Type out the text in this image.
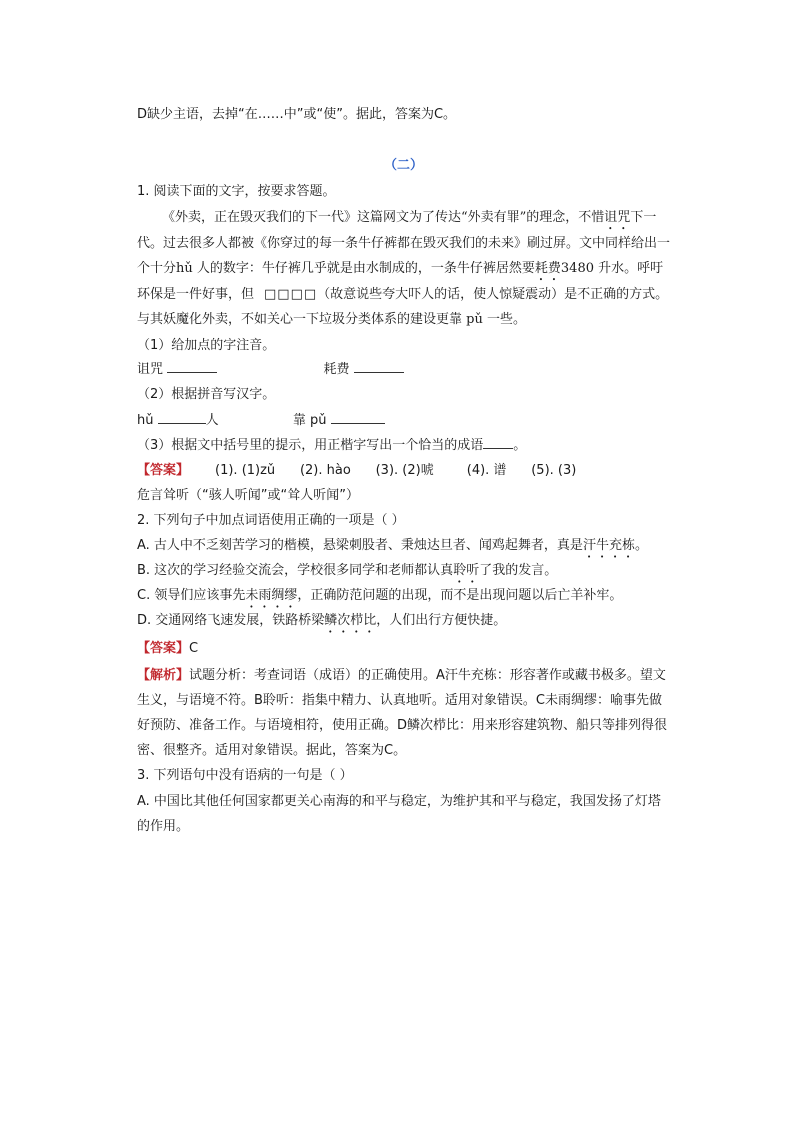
D缺少主语，去掉“在……中”或“使”。据此，答案为C。
（二）
1. 阅读下面的文字，按要求答题。
《外卖，正在毁灭我们的下一代》这篇网文为了传达“外卖有罪”的理念，不惜诅咒下一
代。过去很多人都被《你穿过的每一条牛仔裤都在毁灭我们的未来》刷过屏。文中同样给出一
个十分hǔ 人的数字：牛仔裤几乎就是由水制成的，一条牛仔裤居然要耗费3480 升水。呼吁
环保是一件好事，但 □□□□（故意说些夸大吓人的话，使人惊疑震动）是不正确的方式。
与其妖魔化外卖，不如关心一下垃圾分类体系的建设更靠 pǔ 一些。
（1）给加点的字注音。
诅咒	耗费
（2）根据拼音写汉字。
hǔ	人	靠 pǔ
（3）根据文中括号里的提示，用正楷字写出一个恰当的成语 。
【答案】 (1). (1)zǔ      (2). hào      (3). (2)唬        (4). 谱      (5). (3)
危言耸听（“骇人听闻”或“耸人听闻”）
2. 下列句子中加点词语使用正确的一项是（ ）
A. 古人中不乏刻苦学习的楷模，悬梁刺股者、秉烛达旦者、闻鸡起舞者，真是汗牛充栋。
B. 这次的学习经验交流会，学校很多同学和老师都认真聆听了我的发言。
C. 领导们应该事先未雨绸缪，正确防范问题的出现，而不是出现问题以后亡羊补牢。
D. 交通网络飞速发展，铁路桥梁鳞次栉比，人们出行方便快捷。
【答案】C
【解析】试题分析：考查词语（成语）的正确使用。A汗牛充栋：形容著作或藏书极多。望文
生义，与语境不符。B聆听：指集中精力、认真地听。适用对象错误。C未雨绸缪：喻事先做
好预防、准备工作。与语境相符，使用正确。D鳞次栉比：用来形容建筑物、船只等排列得很
密、很整齐。适用对象错误。据此，答案为C。
3. 下列语句中没有语病的一句是（ ）
A. 中国比其他任何国家都更关心南海的和平与稳定，为维护其和平与稳定，我国发扬了灯塔
的作用。
